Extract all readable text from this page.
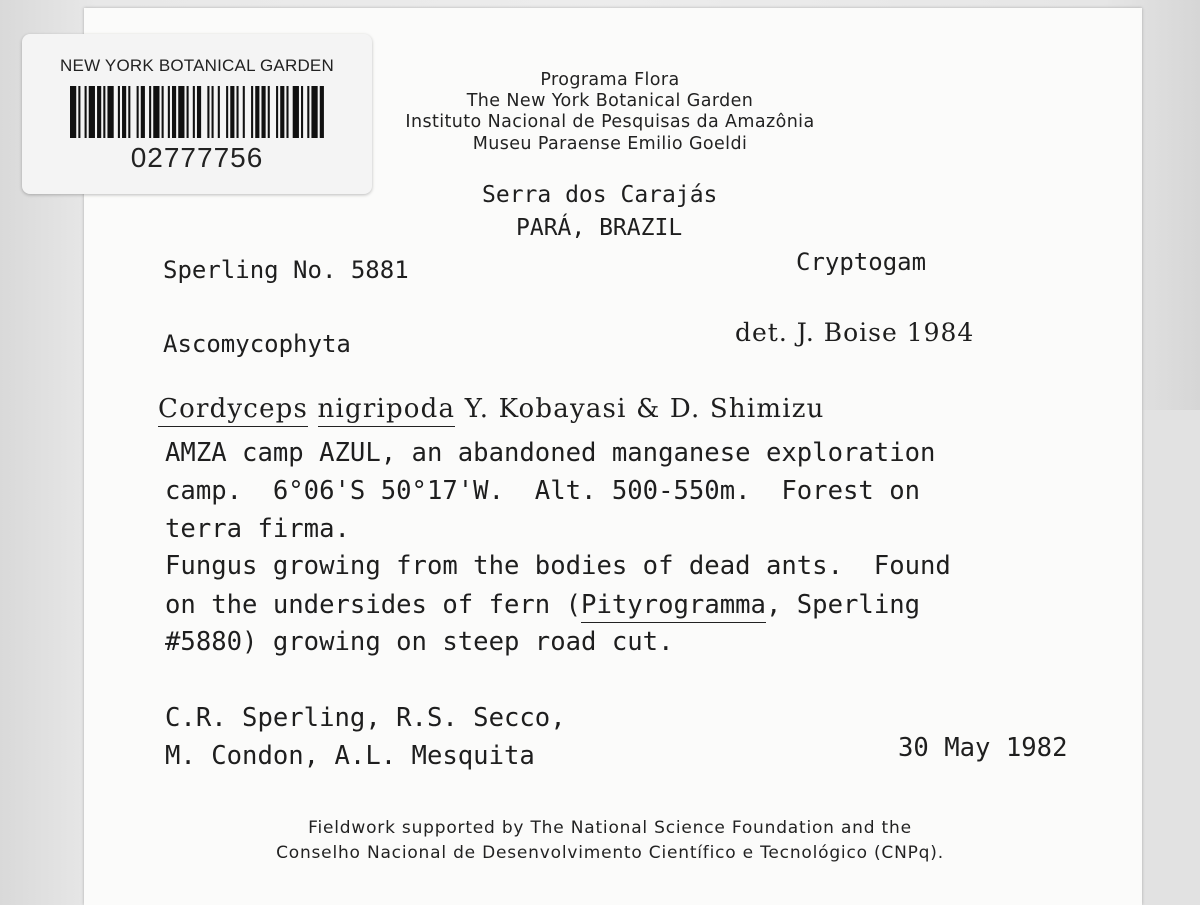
NEW YORK BOTANICAL GARDEN
02777756
Programa Flora
The New York Botanical Garden
Instituto Nacional de Pesquisas da Amazônia
Museu Paraense Emilio Goeldi
Serra dos Carajás
PARÁ, BRAZIL
Sperling No. 5881	Cryptogam
Ascomycophyta	det. J. Boise 1984
Cordyceps nigripoda Y. Kobayasi & D. Shimizu
AMZA camp AZUL, an abandoned manganese exploration
camp.  6°06'S 50°17'W.  Alt. 500-550m.  Forest on
terra firma.
Fungus growing from the bodies of dead ants.  Found
on the undersides of fern (Pityrogramma, Sperling
#5880) growing on steep road cut.
C.R. Sperling, R.S. Secco,
M. Condon, A.L. Mesquita	30 May 1982
Fieldwork supported by The National Science Foundation and the
Conselho Nacional de Desenvolvimento Científico e Tecnológico (CNPq).
